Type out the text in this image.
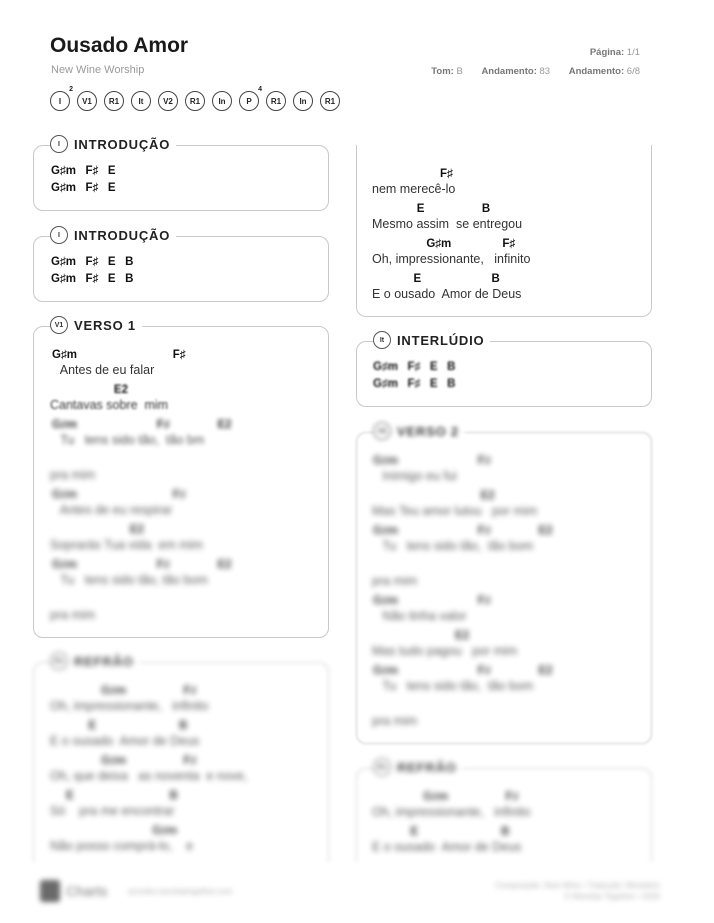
Ousado Amor
New Wine Worship
Página: 1/1
Tom: B Andamento: 83 Andamento: 6/8
I
2
V1 R1 It V2 R1 In	P
4
R1 In R1
I	INTRODUÇÃO
G♯m   F♯   E
G♯m   F♯   E
I	INTRODUÇÃO
G♯m   F♯   E   B
G♯m   F♯   E   B
V1 VERSO 1
G♯m                              F♯
Antes de eu falar
E2
Cantavas sobre  mim
G♯m                         F♯               E2
Tu   tens sido tão,  tão bm
pra mim
G♯m                              F♯
Antes de eu respirar
E2
Soprarás Tua vida  em mim
G♯m                         F♯               E2
Tu   tens sido tão, tão bom
pra mim
R1 REFRÃO
G♯m                  F♯
Oh, impressionante,   infinito
E                          B
E o ousado  Amor de Deus
G♯m                  F♯
Oh, que deixa   as noventa  e nove,
E                              B
Só    pra me encontrar
G♯m
Não posso comprá-lo,    e
F♯
nem merecê-lo
E                  B
Mesmo assim  se entregou
G♯m                F♯
Oh, impressionante,   infinito
E                      B
E o ousado  Amor de Deus
It INTERLÚDIO
G♯m   F♯   E   B
G♯m   F♯   E   B
V2 VERSO 2
G♯m                         F♯
Inimigo eu fui
E2
Mas Teu amor lutou   por mim
G♯m                         F♯               E2
Tu   tens sido tão,  tão bom
pra mim
G♯m                         F♯
Não tinha valor
E2
Mas tudo pagou   por mim
G♯m                         F♯               E2
Tu   tens sido tão,  tão bom
pra mim
R1 REFRÃO
G♯m                  F♯
Oh, impressionante,   infinito
E                          B
E o ousado  Amor de Deus
Charts	acordes.worshiptogether.com
Composição: New Wine • Tradução: Ministério
© Worship Together • 2020
